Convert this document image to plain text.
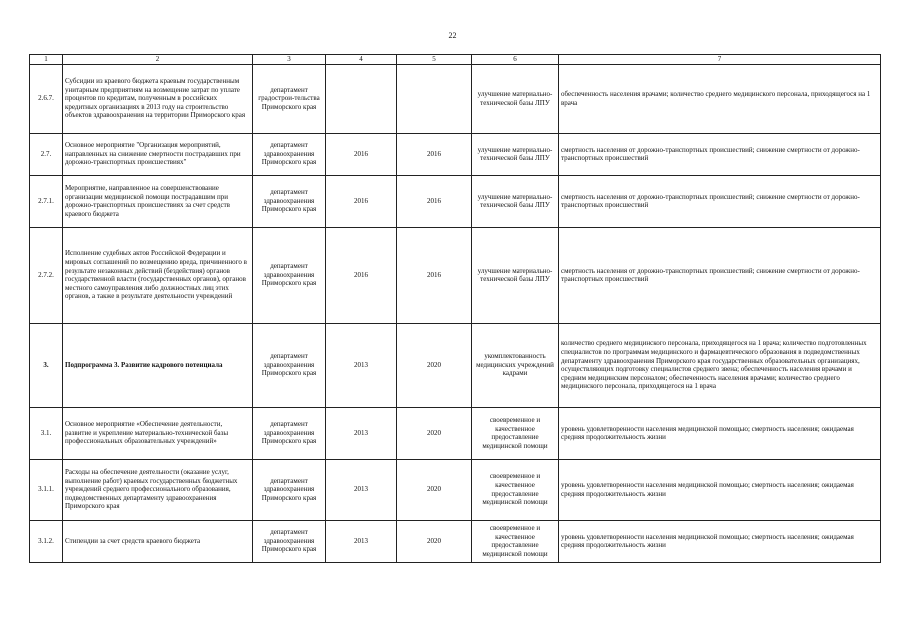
22
1	2	3	4	5	6	7
2.6.7.	Субсидии из краевого бюджета краевым государственным унитарным предприятиям на возмещение затрат по уплате процентов по кредитам, полученным в российских кредитных организациях в 2013 году на строительство объектов здравоохранения на территории Приморского края	департамент градострои-тельства Приморского края			улучшение материально-технической базы ЛПУ	обеспеченность населения врачами; количество среднего медицинского персонала, приходящегося на 1 врача
2.7.	Основное мероприятие "Организация мероприятий, направленных на снижение смертности пострадавших при дорожно-транспортных происшествиях"	департамент здравоохранения Приморского края	2016	2016	улучшение материально-технической базы ЛПУ	смертность населения от дорожно-транспортных происшествий; снижение смертности от дорожно-транспортных происшествий
2.7.1.	Мероприятие, направленное на совершенствование организации медицинской помощи пострадавшим при дорожно-транспортных происшествиях за счет средств краевого бюджета	департамент здравоохранения Приморского края	2016	2016	улучшение материально-технической базы ЛПУ	смертность населения от дорожно-транспортных происшествий; снижение смертности от дорожно-транспортных происшествий
2.7.2.	Исполнение судебных актов Российской Федерации и мировых соглашений по возмещению вреда, причиненного в результате незаконных действий (бездействия) органов государственной власти (государственных органов), органов местного самоуправления либо должностных лиц этих органов, а также в результате деятельности учреждений	департамент здравоохранения Приморского края	2016	2016	улучшение материально-технической базы ЛПУ	смертность населения от дорожно-транспортных происшествий; снижение смертности от дорожно-транспортных происшествий
3.	Подпрограмма 3. Развитие кадрового потенциала	департамент здравоохранения Приморского края	2013	2020	укомплектованность медицинских учреждений кадрами	количество среднего медицинского персонала, приходящегося на 1 врача; количество подготовленных специалистов по программам медицинского и фармацевтического образования в подведомственных департаменту здравоохранения Приморского края государственных образовательных организациях, осуществляющих подготовку специалистов среднего звена; обеспеченность населения врачами и средним медицинским персоналом; обеспеченность населения врачами; количество среднего медицинского персонала, приходящегося на 1 врача
3.1.	Основное мероприятие «Обеспечение деятельности, развитие и укрепление материально-технической базы профессиональных образовательных учреждений»	департамент здравоохранения Приморского края	2013	2020	своевременное и качественное предоставление медицинской помощи	уровень удовлетворенности населения медицинской помощью; смертность населения; ожидаемая средняя продолжительность жизни
3.1.1.	Расходы на обеспечение деятельности (оказание услуг, выполнение работ) краевых государственных бюджетных учреждений среднего профессионального образования, подведомственных департаменту здравоохранения Приморского края	департамент здравоохранения Приморского края	2013	2020	своевременное и качественное предоставление медицинской помощи	уровень удовлетворенности населения медицинской помощью; смертность населения; ожидаемая средняя продолжительность жизни
3.1.2.	Стипендии за счет средств краевого бюджета	департамент здравоохранения Приморского края	2013	2020	своевременное и качественное предоставление медицинской помощи	уровень удовлетворенности населения медицинской помощью; смертность населения; ожидаемая средняя продолжительность жизни
